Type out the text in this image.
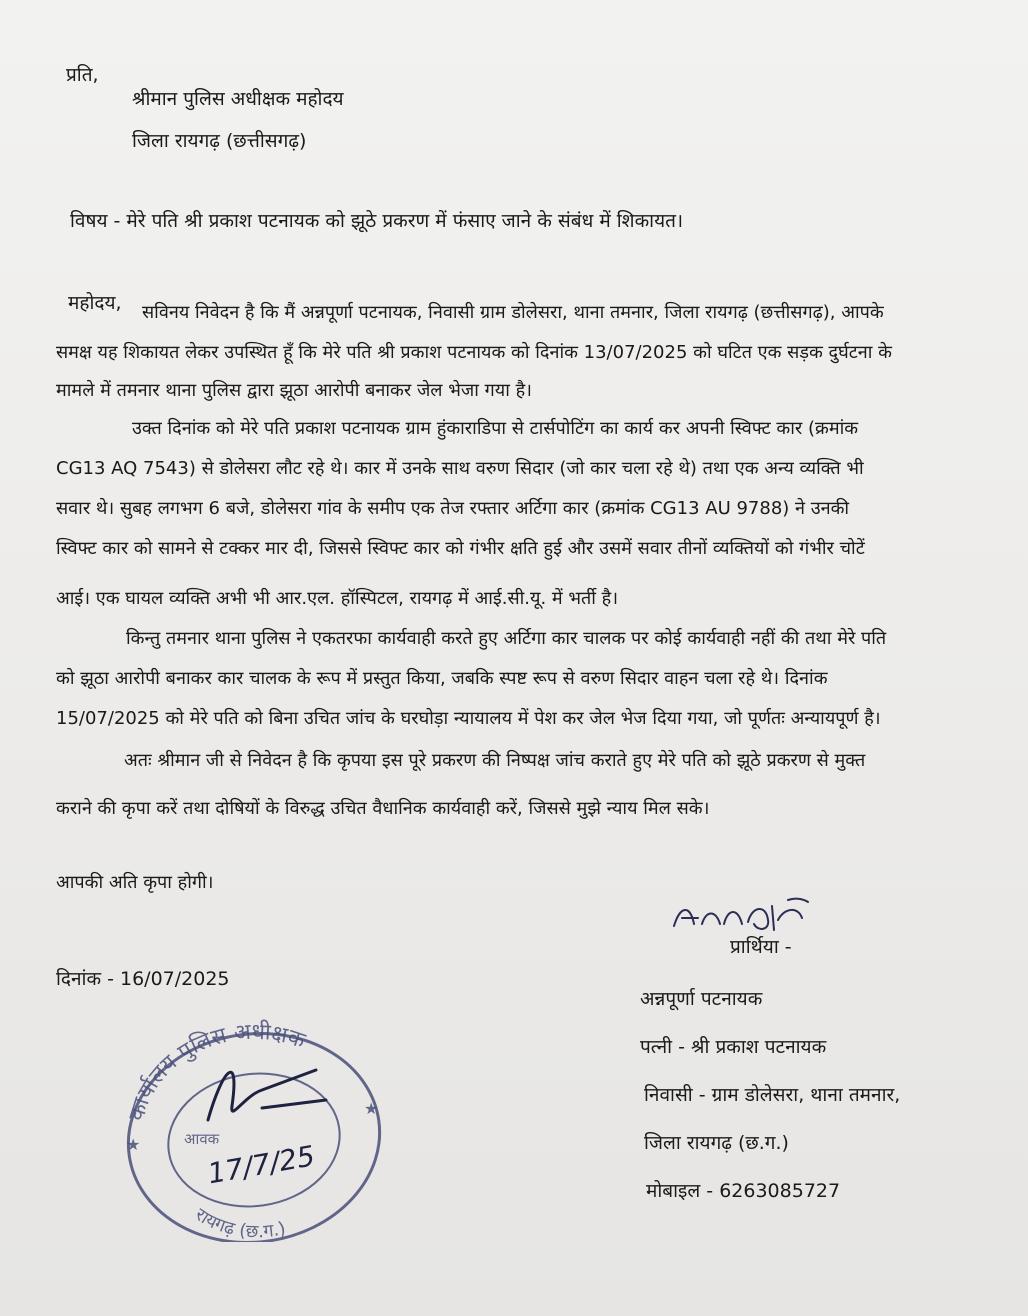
प्रति,
श्रीमान पुलिस अधीक्षक महोदय
जिला रायगढ़ (छत्तीसगढ़)
विषय - मेरे पति श्री प्रकाश पटनायक को झूठे प्रकरण में फंसाए जाने के संबंध में शिकायत।
महोदय, सविनय निवेदन है कि मैं अन्नपूर्णा पटनायक, निवासी ग्राम डोलेसरा, थाना तमनार, जिला रायगढ़ (छत्तीसगढ़), आपके
समक्ष यह शिकायत लेकर उपस्थित हूँ कि मेरे पति श्री प्रकाश पटनायक को दिनांक 13/07/2025 को घटित एक सड़क दुर्घटना के
मामले में तमनार थाना पुलिस द्वारा झूठा आरोपी बनाकर जेल भेजा गया है।
उक्त दिनांक को मेरे पति प्रकाश पटनायक ग्राम हुंकाराडिपा से टार्सपोटिंग का कार्य कर अपनी स्विफ्ट कार (क्रमांक
CG13 AQ 7543) से डोलेसरा लौट रहे थे। कार में उनके साथ वरुण सिदार (जो कार चला रहे थे) तथा एक अन्य व्यक्ति भी
सवार थे। सुबह लगभग 6 बजे, डोलेसरा गांव के समीप एक तेज रफ्तार अर्टिगा कार (क्रमांक CG13 AU 9788) ने उनकी
स्विफ्ट कार को सामने से टक्कर मार दी, जिससे स्विफ्ट कार को गंभीर क्षति हुई और उसमें सवार तीनों व्यक्तियों को गंभीर चोटें
आई। एक घायल व्यक्ति अभी भी आर.एल. हॉस्पिटल, रायगढ़ में आई.सी.यू. में भर्ती है।
किन्तु तमनार थाना पुलिस ने एकतरफा कार्यवाही करते हुए अर्टिगा कार चालक पर कोई कार्यवाही नहीं की तथा मेरे पति
को झूठा आरोपी बनाकर कार चालक के रूप में प्रस्तुत किया, जबकि स्पष्ट रूप से वरुण सिदार वाहन चला रहे थे। दिनांक
15/07/2025 को मेरे पति को बिना उचित जांच के घरघोड़ा न्यायालय में पेश कर जेल भेज दिया गया, जो पूर्णतः अन्यायपूर्ण है।
अतः श्रीमान जी से निवेदन है कि कृपया इस पूरे प्रकरण की निष्पक्ष जांच कराते हुए मेरे पति को झूठे प्रकरण से मुक्त
कराने की कृपा करें तथा दोषियों के विरुद्ध उचित वैधानिक कार्यवाही करें, जिससे मुझे न्याय मिल सके।
आपकी अति कृपा होगी।
प्रार्थिया -
दिनांक - 16/07/2025
अन्नपूर्णा पटनायक
पत्नी - श्री प्रकाश पटनायक
निवासी - ग्राम डोलेसरा, थाना तमनार,
जिला रायगढ़ (छ.ग.)
मोबाइल - 6263085727
कार्यालय पुलिस अधीक्षक
आवक
17/7/25
रायगढ़ (छ.ग.)
★
★
